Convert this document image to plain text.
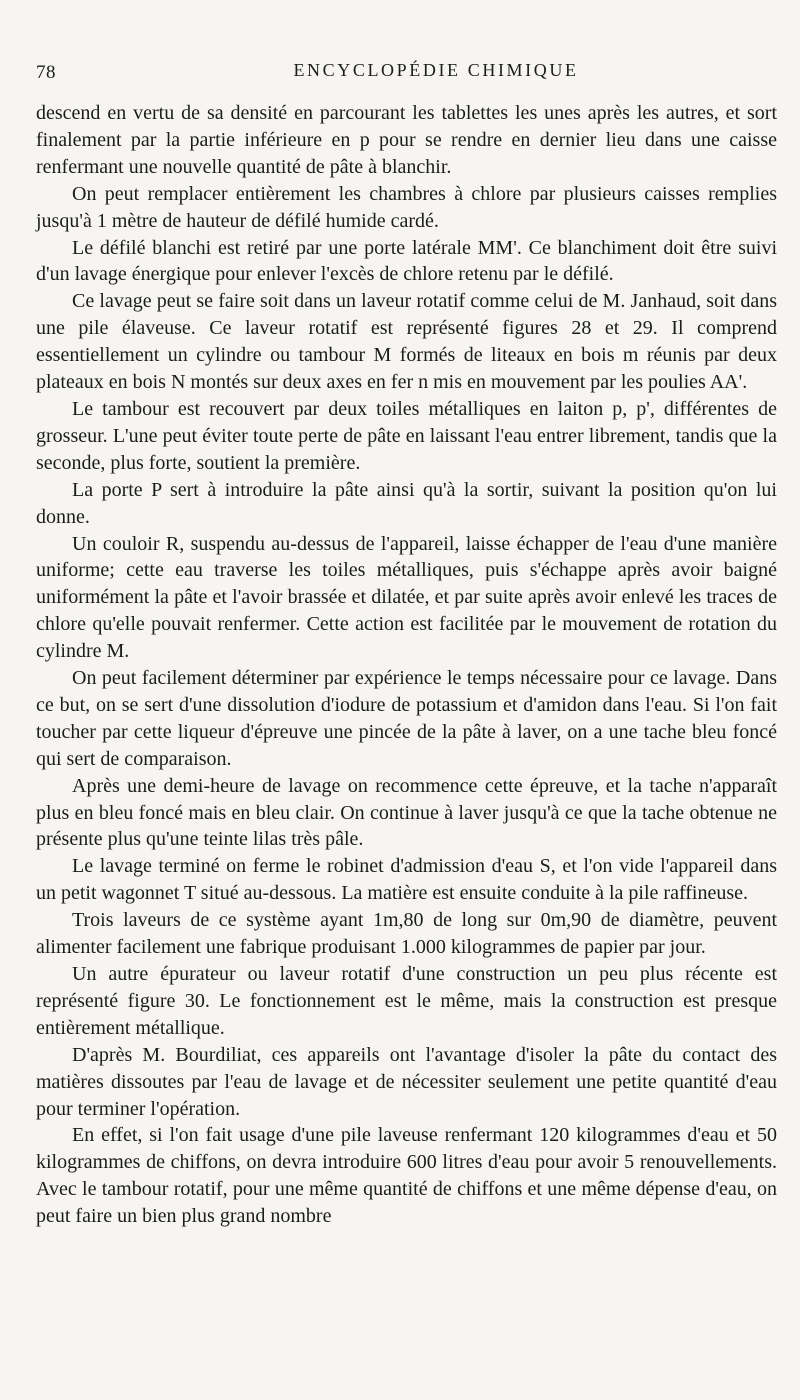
78	ENCYCLOPÉDIE CHIMIQUE

descend en vertu de sa densité en parcourant les tablettes les unes après les autres, et sort finalement par la partie inférieure en p pour se rendre en dernier lieu dans une caisse renfermant une nouvelle quantité de pâte à blanchir.

On peut remplacer entièrement les chambres à chlore par plusieurs caisses remplies jusqu'à 1 mètre de hauteur de défilé humide cardé.

Le défilé blanchi est retiré par une porte latérale MM'. Ce blanchiment doit être suivi d'un lavage énergique pour enlever l'excès de chlore retenu par le défilé.

Ce lavage peut se faire soit dans un laveur rotatif comme celui de M. Janhaud, soit dans une pile élaveuse. Ce laveur rotatif est représenté figures 28 et 29. Il comprend essentiellement un cylindre ou tambour M formés de liteaux en bois m réunis par deux plateaux en bois N montés sur deux axes en fer n mis en mouvement par les poulies AA'.

Le tambour est recouvert par deux toiles métalliques en laiton p, p', différentes de grosseur. L'une peut éviter toute perte de pâte en laissant l'eau entrer librement, tandis que la seconde, plus forte, soutient la première.

La porte P sert à introduire la pâte ainsi qu'à la sortir, suivant la position qu'on lui donne.

Un couloir R, suspendu au-dessus de l'appareil, laisse échapper de l'eau d'une manière uniforme; cette eau traverse les toiles métalliques, puis s'échappe après avoir baigné uniformément la pâte et l'avoir brassée et dilatée, et par suite après avoir enlevé les traces de chlore qu'elle pouvait renfermer. Cette action est facilitée par le mouvement de rotation du cylindre M.

On peut facilement déterminer par expérience le temps nécessaire pour ce lavage. Dans ce but, on se sert d'une dissolution d'iodure de potassium et d'amidon dans l'eau. Si l'on fait toucher par cette liqueur d'épreuve une pincée de la pâte à laver, on a une tache bleu foncé qui sert de comparaison.

Après une demi-heure de lavage on recommence cette épreuve, et la tache n'apparaît plus en bleu foncé mais en bleu clair. On continue à laver jusqu'à ce que la tache obtenue ne présente plus qu'une teinte lilas très pâle.

Le lavage terminé on ferme le robinet d'admission d'eau S, et l'on vide l'appareil dans un petit wagonnet T situé au-dessous. La matière est ensuite conduite à la pile raffineuse.

Trois laveurs de ce système ayant 1m,80 de long sur 0m,90 de diamètre, peuvent alimenter facilement une fabrique produisant 1.000 kilogrammes de papier par jour.

Un autre épurateur ou laveur rotatif d'une construction un peu plus récente est représenté figure 30. Le fonctionnement est le même, mais la construction est presque entièrement métallique.

D'après M. Bourdiliat, ces appareils ont l'avantage d'isoler la pâte du contact des matières dissoutes par l'eau de lavage et de nécessiter seulement une petite quantité d'eau pour terminer l'opération.

En effet, si l'on fait usage d'une pile laveuse renfermant 120 kilogrammes d'eau et 50 kilogrammes de chiffons, on devra introduire 600 litres d'eau pour avoir 5 renouvellements. Avec le tambour rotatif, pour une même quantité de chiffons et une même dépense d'eau, on peut faire un bien plus grand nombre
